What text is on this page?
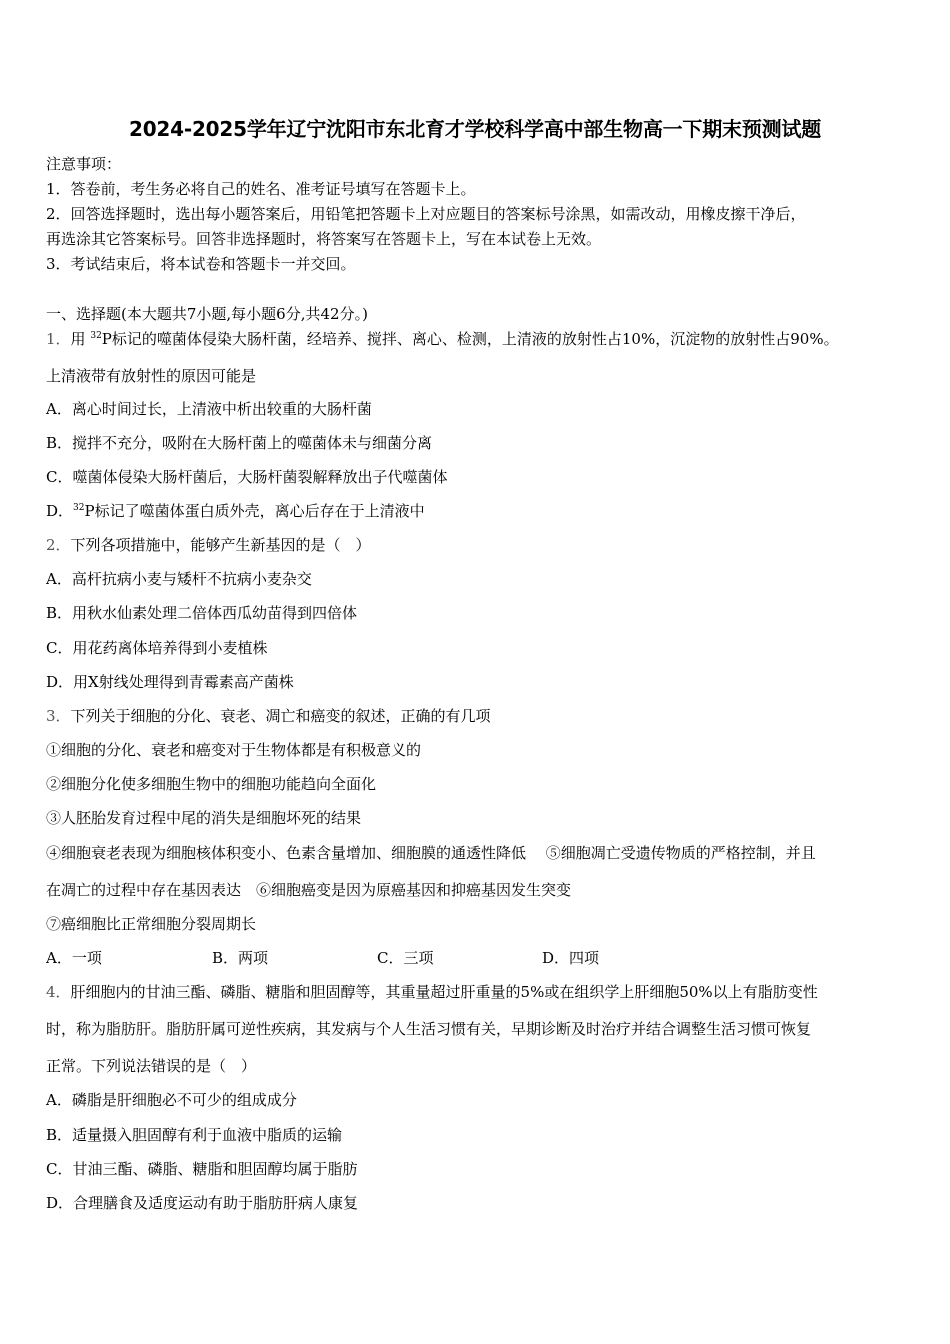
2024-2025学年辽宁沈阳市东北育才学校科学高中部生物高一下期末预测试题
注意事项：
1．答卷前，考生务必将自己的姓名、准考证号填写在答题卡上。
2．回答选择题时，选出每小题答案后，用铅笔把答题卡上对应题目的答案标号涂黑，如需改动，用橡皮擦干净后，
再选涂其它答案标号。回答非选择题时，将答案写在答题卡上，写在本试卷上无效。
3．考试结束后，将本试卷和答题卡一并交回。
一、选择题(本大题共7小题,每小题6分,共42分。)
1．用 $^{32}$P标记的噬菌体侵染大肠杆菌，经培养、搅拌、离心、检测，上清液的放射性占10%，沉淀物的放射性占90%。
上清液带有放射性的原因可能是
A．离心时间过长，上清液中析出较重的大肠杆菌
B．搅拌不充分，吸附在大肠杆菌上的噬菌体未与细菌分离
C．噬菌体侵染大肠杆菌后，大肠杆菌裂解释放出子代噬菌体
D．$^{32}$P标记了噬菌体蛋白质外壳，离心后存在于上清液中
2．下列各项措施中，能够产生新基因的是（　）
A．高杆抗病小麦与矮杆不抗病小麦杂交
B．用秋水仙素处理二倍体西瓜幼苗得到四倍体
C．用花药离体培养得到小麦植株
D．用X射线处理得到青霉素高产菌株
3．下列关于细胞的分化、衰老、凋亡和癌变的叙述，正确的有几项
①细胞的分化、衰老和癌变对于生物体都是有积极意义的
②细胞分化使多细胞生物中的细胞功能趋向全面化
③人胚胎发育过程中尾的消失是细胞坏死的结果
④细胞衰老表现为细胞核体积变小、色素含量增加、细胞膜的通透性降低　 ⑤细胞凋亡受遗传物质的严格控制，并且
在凋亡的过程中存在基因表达　⑥细胞癌变是因为原癌基因和抑癌基因发生突变
⑦癌细胞比正常细胞分裂周期长
A．一项	B．两项	C．三项	D．四项
4．肝细胞内的甘油三酯、磷脂、糖脂和胆固醇等，其重量超过肝重量的5%或在组织学上肝细胞50%以上有脂肪变性
时，称为脂肪肝。脂肪肝属可逆性疾病，其发病与个人生活习惯有关，早期诊断及时治疗并结合调整生活习惯可恢复
正常。下列说法错误的是（　）
A．磷脂是肝细胞必不可少的组成成分
B．适量摄入胆固醇有利于血液中脂质的运输
C．甘油三酯、磷脂、糖脂和胆固醇均属于脂肪
D．合理膳食及适度运动有助于脂肪肝病人康复
